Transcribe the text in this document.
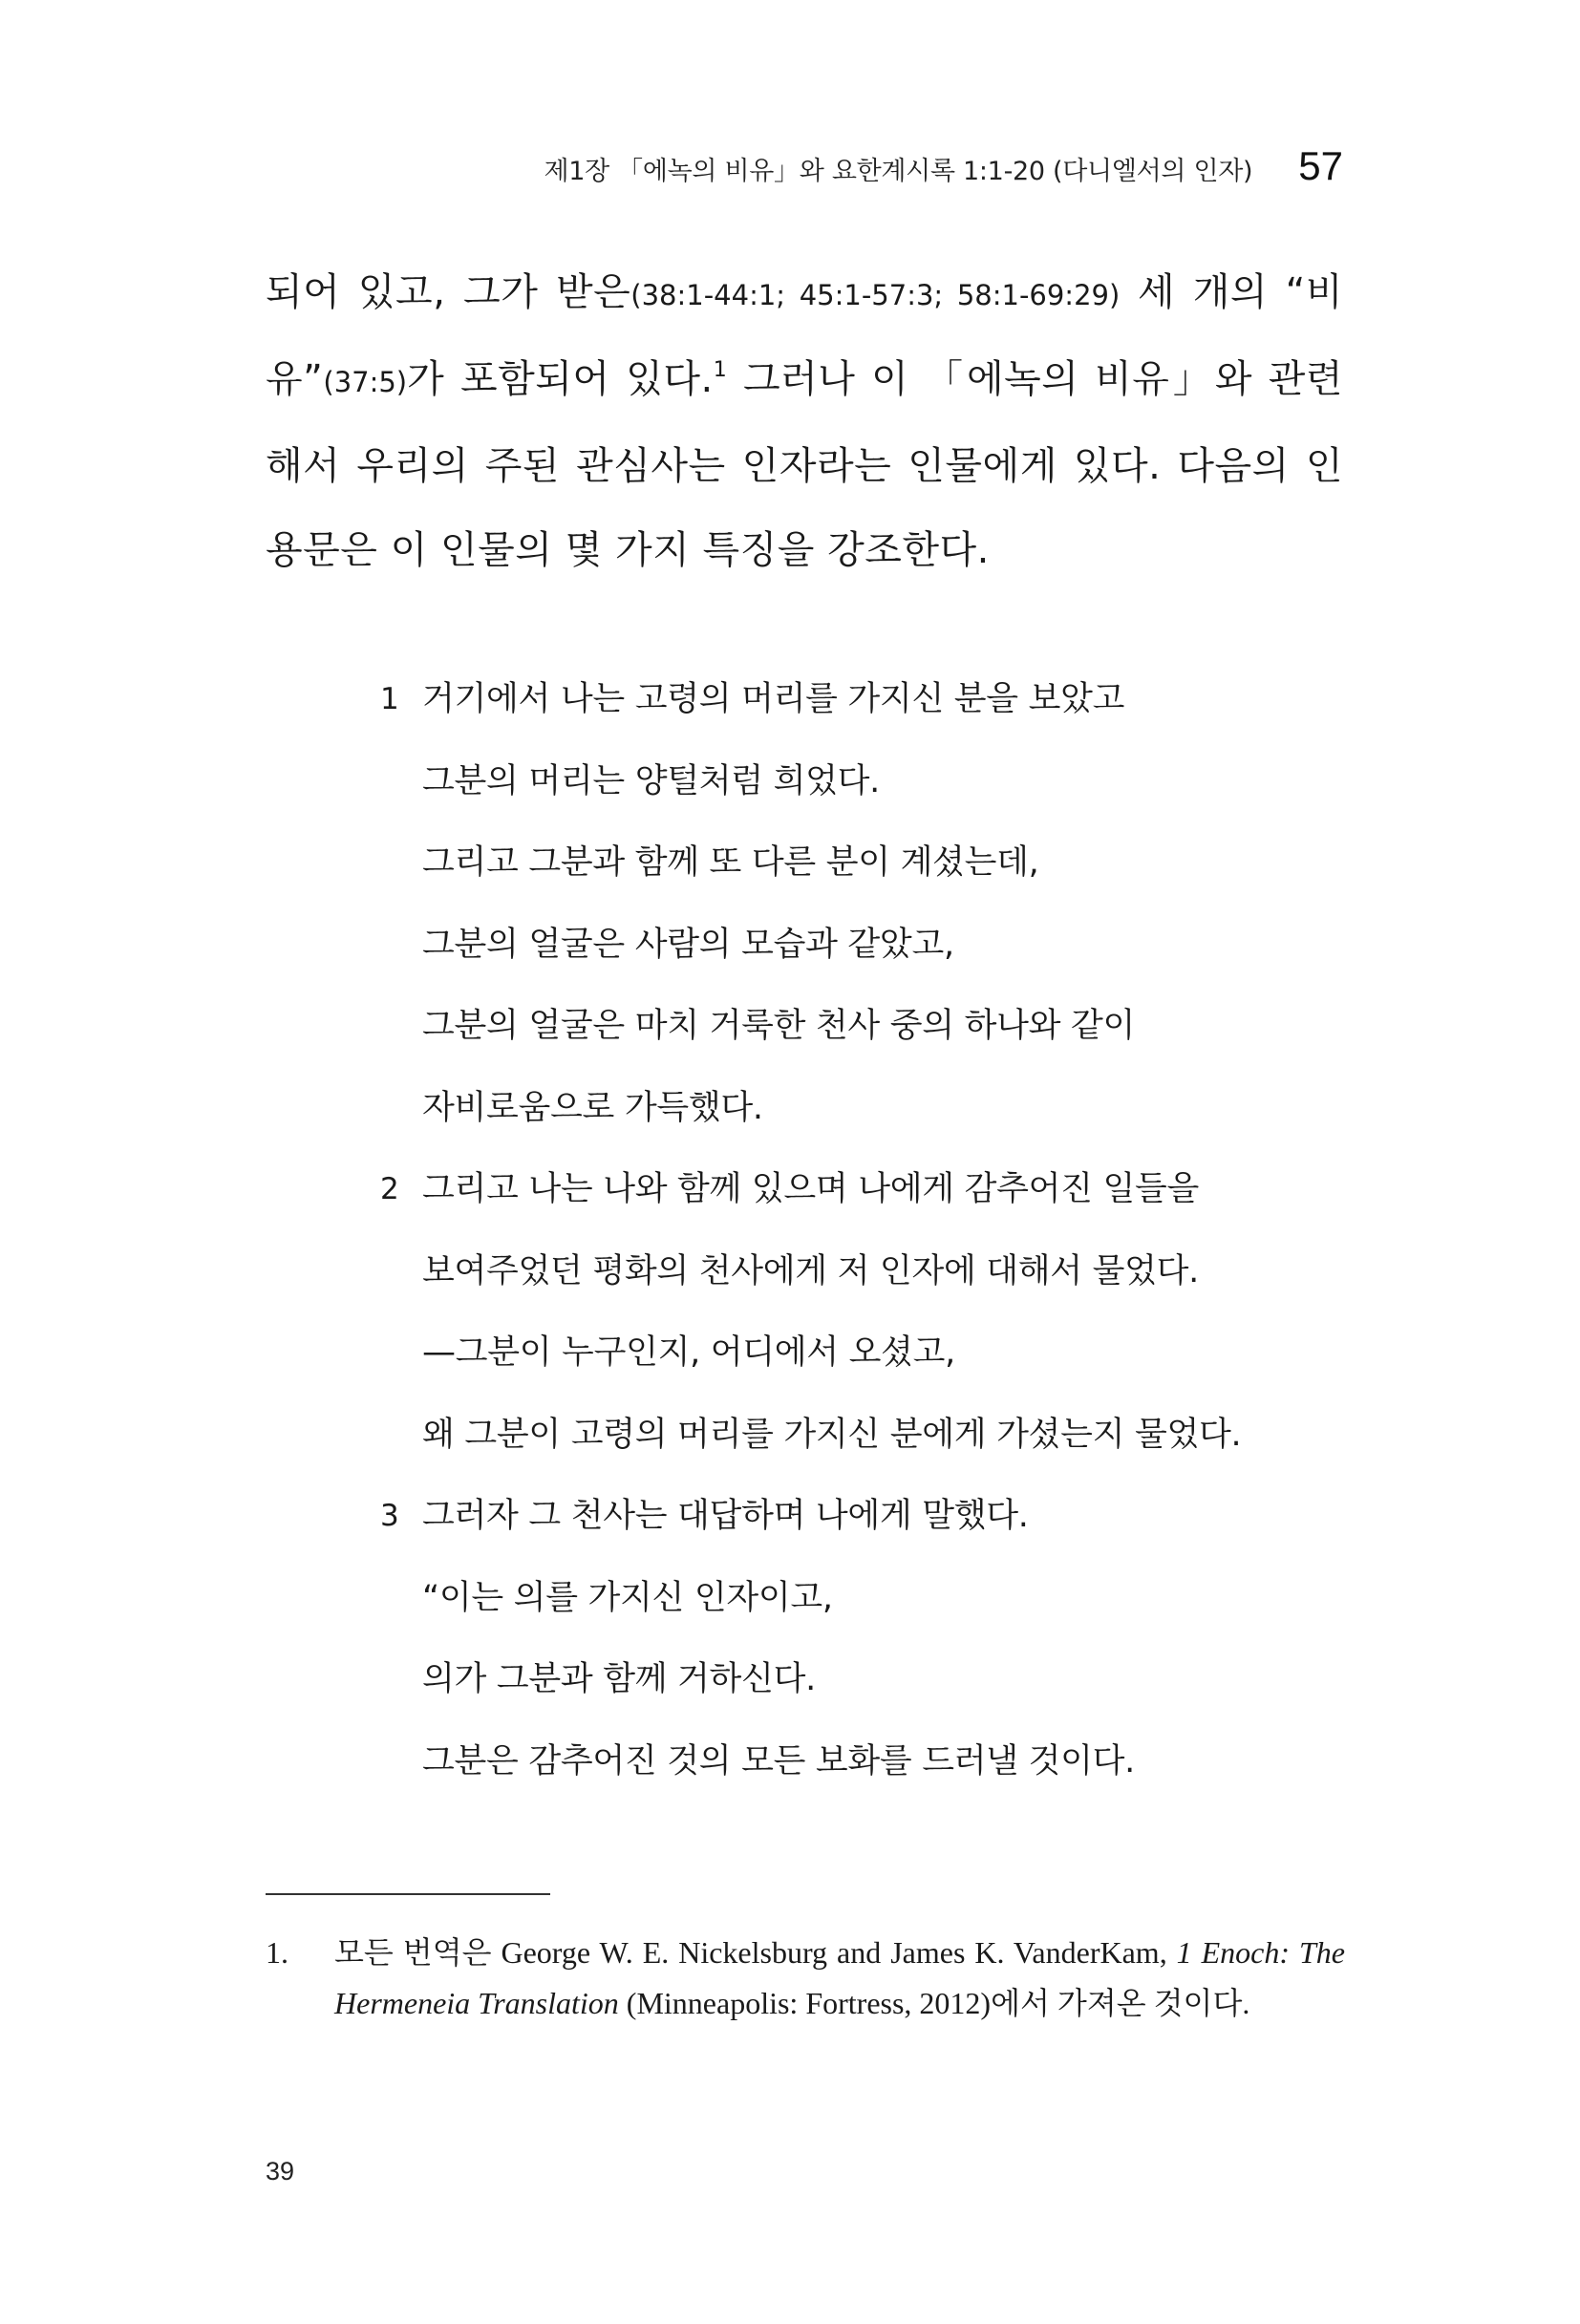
제1장 「에녹의 비유」와 요한계시록 1:1-20 (다니엘서의 인자) 57
되어 있고, 그가 받은(38:1-44:1; 45:1-57:3; 58:1-69:29) 세 개의 “비유”(37:5)가 포함되어 있다.$^1$ 그러나 이 「에녹의 비유」와 관련해서 우리의 주된 관심사는 인자라는 인물에게 있다. 다음의 인용문은 이 인물의 몇 가지 특징을 강조한다.
1 거기에서 나는 고령의 머리를 가지신 분을 보았고
그분의 머리는 양털처럼 희었다.
그리고 그분과 함께 또 다른 분이 계셨는데,
그분의 얼굴은 사람의 모습과 같았고,
그분의 얼굴은 마치 거룩한 천사 중의 하나와 같이
자비로움으로 가득했다.
2 그리고 나는 나와 함께 있으며 나에게 감추어진 일들을
보여주었던 평화의 천사에게 저 인자에 대해서 물었다.
—그분이 누구인지, 어디에서 오셨고,
왜 그분이 고령의 머리를 가지신 분에게 가셨는지 물었다.
3 그러자 그 천사는 대답하며 나에게 말했다.
“이는 의를 가지신 인자이고,
의가 그분과 함께 거하신다.
그분은 감추어진 것의 모든 보화를 드러낼 것이다.
1. 모든 번역은 George W. E. Nickelsburg and James K. VanderKam, 1 Enoch: The Hermeneia Translation (Minneapolis: Fortress, 2012)에서 가져온 것이다.
39
